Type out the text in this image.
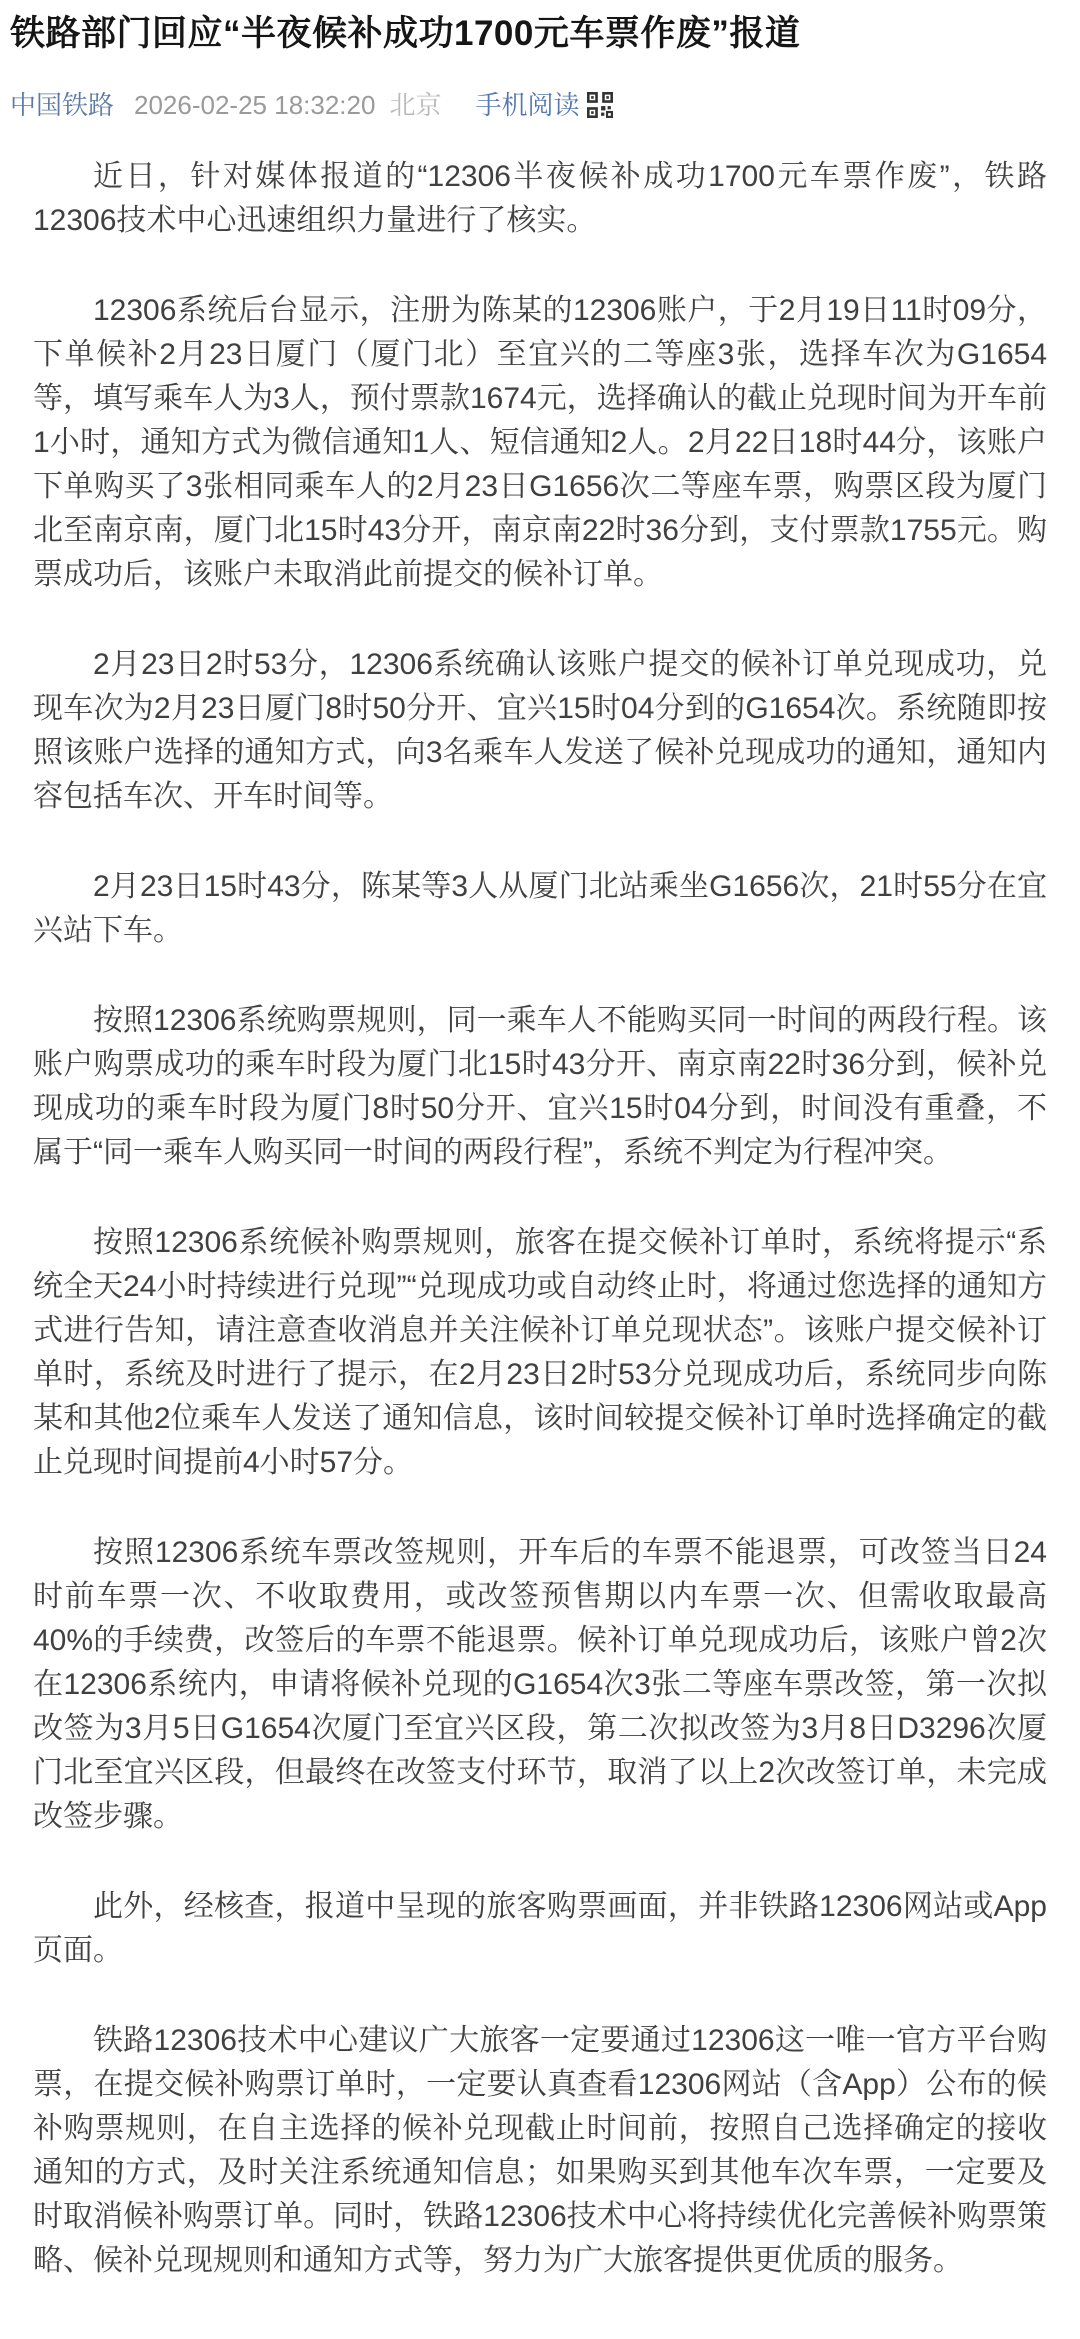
铁路部门回应“半夜候补成功1700元车票作废”报道
中国铁路 2026-02-25 18:32:20 北京 手机阅读

近日，针对媒体报道的“12306半夜候补成功1700元车票作废”，铁路12306技术中心迅速组织力量进行了核实。

12306系统后台显示，注册为陈某的12306账户，于2月19日11时09分，下单候补2月23日厦门（厦门北）至宜兴的二等座3张，选择车次为G1654等，填写乘车人为3人，预付票款1674元，选择确认的截止兑现时间为开车前1小时，通知方式为微信通知1人、短信通知2人。2月22日18时44分，该账户下单购买了3张相同乘车人的2月23日G1656次二等座车票，购票区段为厦门北至南京南，厦门北15时43分开，南京南22时36分到，支付票款1755元。购票成功后，该账户未取消此前提交的候补订单。

2月23日2时53分，12306系统确认该账户提交的候补订单兑现成功，兑现车次为2月23日厦门8时50分开、宜兴15时04分到的G1654次。系统随即按照该账户选择的通知方式，向3名乘车人发送了候补兑现成功的通知，通知内容包括车次、开车时间等。

2月23日15时43分，陈某等3人从厦门北站乘坐G1656次，21时55分在宜兴站下车。

按照12306系统购票规则，同一乘车人不能购买同一时间的两段行程。该账户购票成功的乘车时段为厦门北15时43分开、南京南22时36分到，候补兑现成功的乘车时段为厦门8时50分开、宜兴15时04分到，时间没有重叠，不属于“同一乘车人购买同一时间的两段行程”，系统不判定为行程冲突。

按照12306系统候补购票规则，旅客在提交候补订单时，系统将提示“系统全天24小时持续进行兑现”“兑现成功或自动终止时，将通过您选择的通知方式进行告知，请注意查收消息并关注候补订单兑现状态”。该账户提交候补订单时，系统及时进行了提示，在2月23日2时53分兑现成功后，系统同步向陈某和其他2位乘车人发送了通知信息，该时间较提交候补订单时选择确定的截止兑现时间提前4小时57分。

按照12306系统车票改签规则，开车后的车票不能退票，可改签当日24时前车票一次、不收取费用，或改签预售期以内车票一次、但需收取最高40%的手续费，改签后的车票不能退票。候补订单兑现成功后，该账户曾2次在12306系统内，申请将候补兑现的G1654次3张二等座车票改签，第一次拟改签为3月5日G1654次厦门至宜兴区段，第二次拟改签为3月8日D3296次厦门北至宜兴区段，但最终在改签支付环节，取消了以上2次改签订单，未完成改签步骤。

此外，经核查，报道中呈现的旅客购票画面，并非铁路12306网站或App页面。

铁路12306技术中心建议广大旅客一定要通过12306这一唯一官方平台购票，在提交候补购票订单时，一定要认真查看12306网站（含App）公布的候补购票规则，在自主选择的候补兑现截止时间前，按照自己选择确定的接收通知的方式，及时关注系统通知信息；如果购买到其他车次车票，一定要及时取消候补购票订单。同时，铁路12306技术中心将持续优化完善候补购票策略、候补兑现规则和通知方式等，努力为广大旅客提供更优质的服务。
